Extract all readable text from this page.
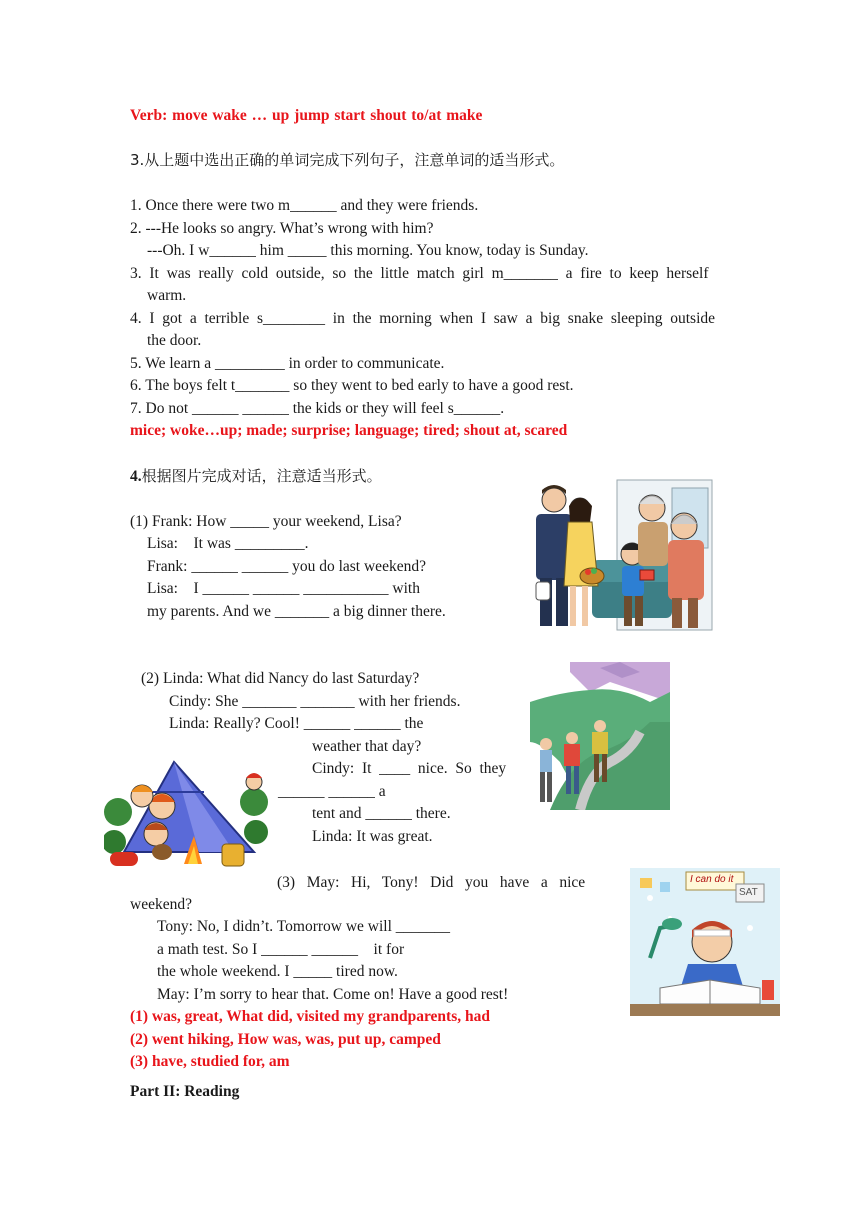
Verb: move wake … up jump start shout to/at make
3.从上题中选出正确的单词完成下列句子，注意单词的适当形式。
1. Once there were two m______ and they were friends.
2. ---He looks so angry. What’s wrong with him?
---Oh. I w______ him _____ this morning. You know, today is Sunday.
3.  It  was  really  cold  outside,  so  the  little  match  girl  m_______  a  fire  to  keep  herself
warm.
4.  I  got  a  terrible  s________  in  the  morning  when  I  saw  a  big  snake  sleeping  outside
the door.
5. We learn a _________ in order to communicate.
6. The boys felt t_______ so they went to bed early to have a good rest.
7. Do not ______ ______ the kids or they will feel s______.
mice; woke…up; made; surprise; language; tired; shout at, scared
4.根据图片完成对话，注意适当形式。
(1) Frank: How _____ your weekend, Lisa?
Lisa:    It was _________.
Frank: ______ ______ you do last weekend?
Lisa:    I ______ ______ ___________ with
my parents. And we _______ a big dinner there.
(2) Linda: What did Nancy do last Saturday?
Cindy: She _______ _______ with her friends.
Linda: Really? Cool! ______ ______ the
weather that day?
Cindy:  It  ____  nice.  So  they
______ ______ a
tent and ______ there.
Linda: It was great.
(3)   May:   Hi,   Tony!   Did   you   have   a   nice
weekend?
Tony: No, I didn’t. Tomorrow we will _______
a math test. So I ______ ______    it for
the whole weekend. I _____ tired now.
May: I’m sorry to hear that. Come on! Have a good rest!
I can do it
SAT
(1) was, great, What did, visited my grandparents, had
(2) went hiking, How was, was, put up, camped
(3) have, studied for, am
Part II: Reading
